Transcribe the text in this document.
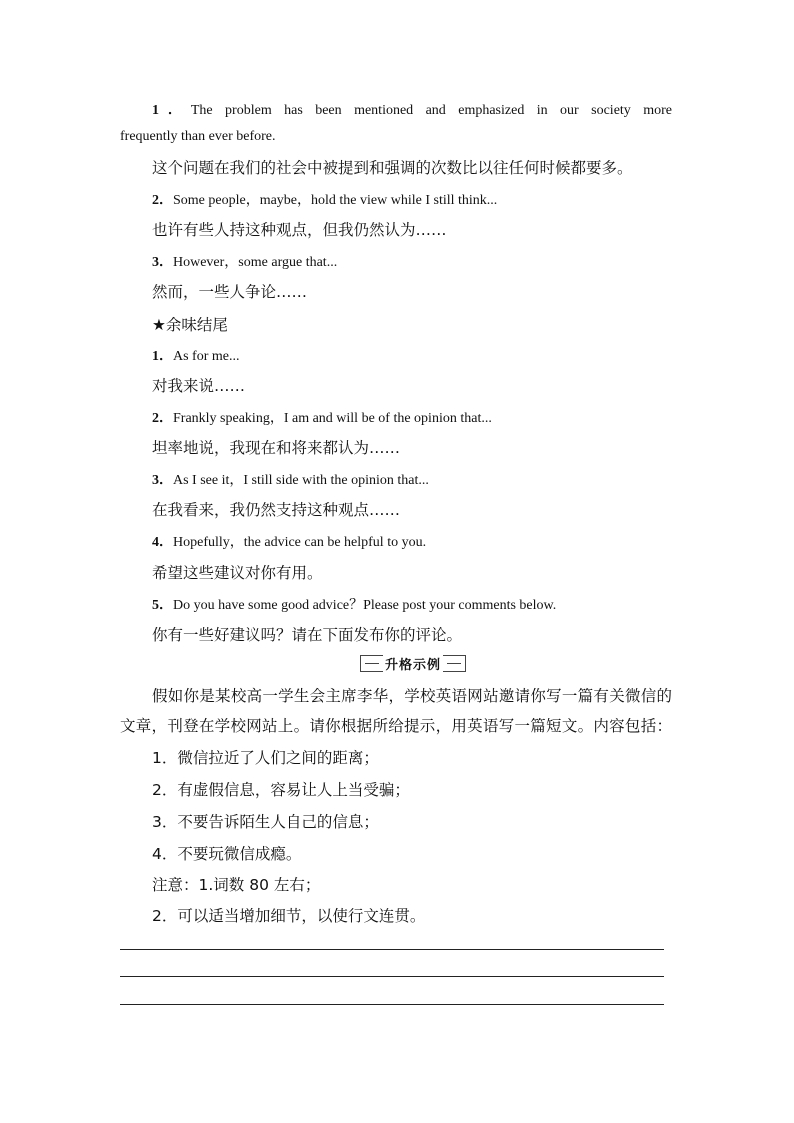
1．The problem has been mentioned and emphasized in our society more
frequently than ever before.
这个问题在我们的社会中被提到和强调的次数比以往任何时候都要多。
2．Some people，maybe，hold the view while I still think...
也许有些人持这种观点，但我仍然认为……
3．However，some argue that...
然而，一些人争论……
★余味结尾
1．As for me...
对我来说……
2．Frankly speaking，I am and will be of the opinion that...
坦率地说，我现在和将来都认为……
3．As I see it，I still side with the opinion that...
在我看来，我仍然支持这种观点……
4．Hopefully，the advice can be helpful to you.
希望这些建议对你有用。
5．Do you have some good advice？Please post your comments below.
你有一些好建议吗？请在下面发布你的评论。
升格示例
假如你是某校高一学生会主席李华，学校英语网站邀请你写一篇有关微信的
文章，刊登在学校网站上。请你根据所给提示，用英语写一篇短文。内容包括：
1．微信拉近了人们之间的距离；
2．有虚假信息，容易让人上当受骗；
3．不要告诉陌生人自己的信息；
4．不要玩微信成瘾。
注意：1.词数 80 左右；
2．可以适当增加细节，以使行文连贯。
